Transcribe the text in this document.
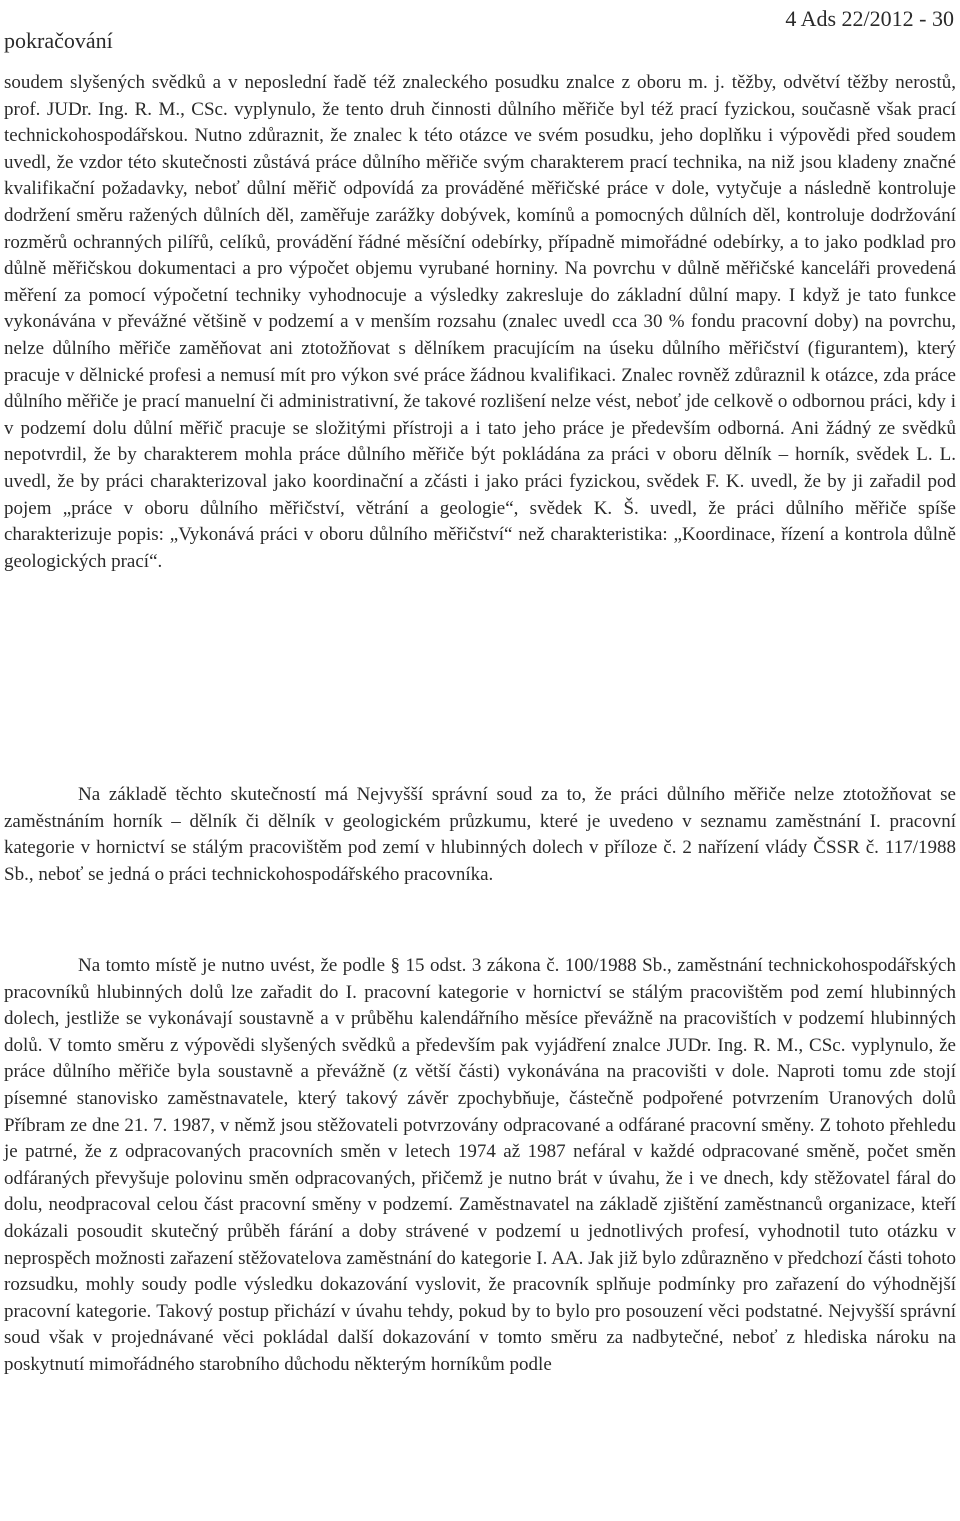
pokračování
4 Ads 22/2012 - 30
soudem slyšených svědků a v neposlední řadě též znaleckého posudku znalce z oboru m. j. těžby, odvětví těžby nerostů, prof. JUDr. Ing. R. M., CSc. vyplynulo, že tento druh činnosti důlního měřiče byl též prací fyzickou, současně však prací technickohospodářskou. Nutno zdůraznit, že znalec k této otázce ve svém posudku, jeho doplňku i výpovědi před soudem uvedl, že vzdor této skutečnosti zůstává práce důlního měřiče svým charakterem prací technika, na niž jsou kladeny značné kvalifikační požadavky, neboť důlní měřič odpovídá za prováděné měřičské práce v dole, vytyčuje a následně kontroluje dodržení směru ražených důlních děl, zaměřuje zarážky dobývek, komínů a pomocných důlních děl, kontroluje dodržování rozměrů ochranných pilířů, celíků, provádění řádné měsíční odebírky, případně mimořádné odebírky, a to jako podklad pro důlně měřičskou dokumentaci a pro výpočet objemu vyrubané horniny. Na povrchu v důlně měřičské kanceláři provedená měření za pomocí výpočetní techniky vyhodnocuje a výsledky zakresluje do základní důlní mapy. I když je tato funkce vykonávána v převážné většině v podzemí a v menším rozsahu (znalec uvedl cca 30 % fondu pracovní doby) na povrchu, nelze důlního měřiče zaměňovat ani ztotožňovat s dělníkem pracujícím na úseku důlního měřičství (figurantem), který pracuje v dělnické profesi a nemusí mít pro výkon své práce žádnou kvalifikaci. Znalec rovněž zdůraznil k otázce, zda práce důlního měřiče je prací manuelní či administrativní, že takové rozlišení nelze vést, neboť jde celkově o odbornou práci, kdy i v podzemí dolu důlní měřič pracuje se složitými přístroji a i tato jeho práce je především odborná. Ani žádný ze svědků nepotvrdil, že by charakterem mohla práce důlního měřiče být pokládána za práci v oboru dělník – horník, svědek L. L. uvedl, že by práci charakterizoval jako koordinační a zčásti i jako práci fyzickou, svědek F. K. uvedl, že by ji zařadil pod pojem „práce v oboru důlního měřičství, větrání a geologie“, svědek K. Š. uvedl, že práci důlního měřiče spíše charakterizuje popis: „Vykonává práci v oboru důlního měřičství“ než charakteristika: „Koordinace, řízení a kontrola důlně geologických prací“.
Na základě těchto skutečností má Nejvyšší správní soud za to, že práci důlního měřiče nelze ztotožňovat se zaměstnáním horník – dělník či dělník v geologickém průzkumu, které je uvedeno v seznamu zaměstnání I. pracovní kategorie v hornictví se stálým pracovištěm pod zemí v hlubinných dolech v příloze č. 2 nařízení vlády ČSSR č. 117/1988 Sb., neboť se jedná o práci technickohospodářského pracovníka.
Na tomto místě je nutno uvést, že podle § 15 odst. 3 zákona č. 100/1988 Sb., zaměstnání technickohospodářských pracovníků hlubinných dolů lze zařadit do I. pracovní kategorie v hornictví se stálým pracovištěm pod zemí hlubinných dolech, jestliže se vykonávají soustavně a v průběhu kalendářního měsíce převážně na pracovištích v podzemí hlubinných dolů. V tomto směru z výpovědi slyšených svědků a především pak vyjádření znalce JUDr. Ing. R. M., CSc. vyplynulo, že práce důlního měřiče byla soustavně a převážně (z větší části) vykonávána na pracovišti v dole. Naproti tomu zde stojí písemné stanovisko zaměstnavatele, který takový závěr zpochybňuje, částečně podpořené potvrzením Uranových dolů Příbram ze dne 21. 7. 1987, v němž jsou stěžovateli potvrzovány odpracované a odfárané pracovní směny. Z tohoto přehledu je patrné, že z odpracovaných pracovních směn v letech 1974 až 1987 nefáral v každé odpracované směně, počet směn odfáraných převyšuje polovinu směn odpracovaných, přičemž je nutno brát v úvahu, že i ve dnech, kdy stěžovatel fáral do dolu, neodpracoval celou část pracovní směny v podzemí. Zaměstnavatel na základě zjištění zaměstnanců organizace, kteří dokázali posoudit skutečný průběh fárání a doby strávené v podzemí u jednotlivých profesí, vyhodnotil tuto otázku v neprospěch možnosti zařazení stěžovatelova zaměstnání do kategorie I. AA. Jak již bylo zdůrazněno v předchozí části tohoto rozsudku, mohly soudy podle výsledku dokazování vyslovit, že pracovník splňuje podmínky pro zařazení do výhodnější pracovní kategorie. Takový postup přichází v úvahu tehdy, pokud by to bylo pro posouzení věci podstatné. Nejvyšší správní soud však v projednávané věci pokládal další dokazování v tomto směru za nadbytečné, neboť z hlediska nároku na poskytnutí mimořádného starobního důchodu některým horníkům podle
